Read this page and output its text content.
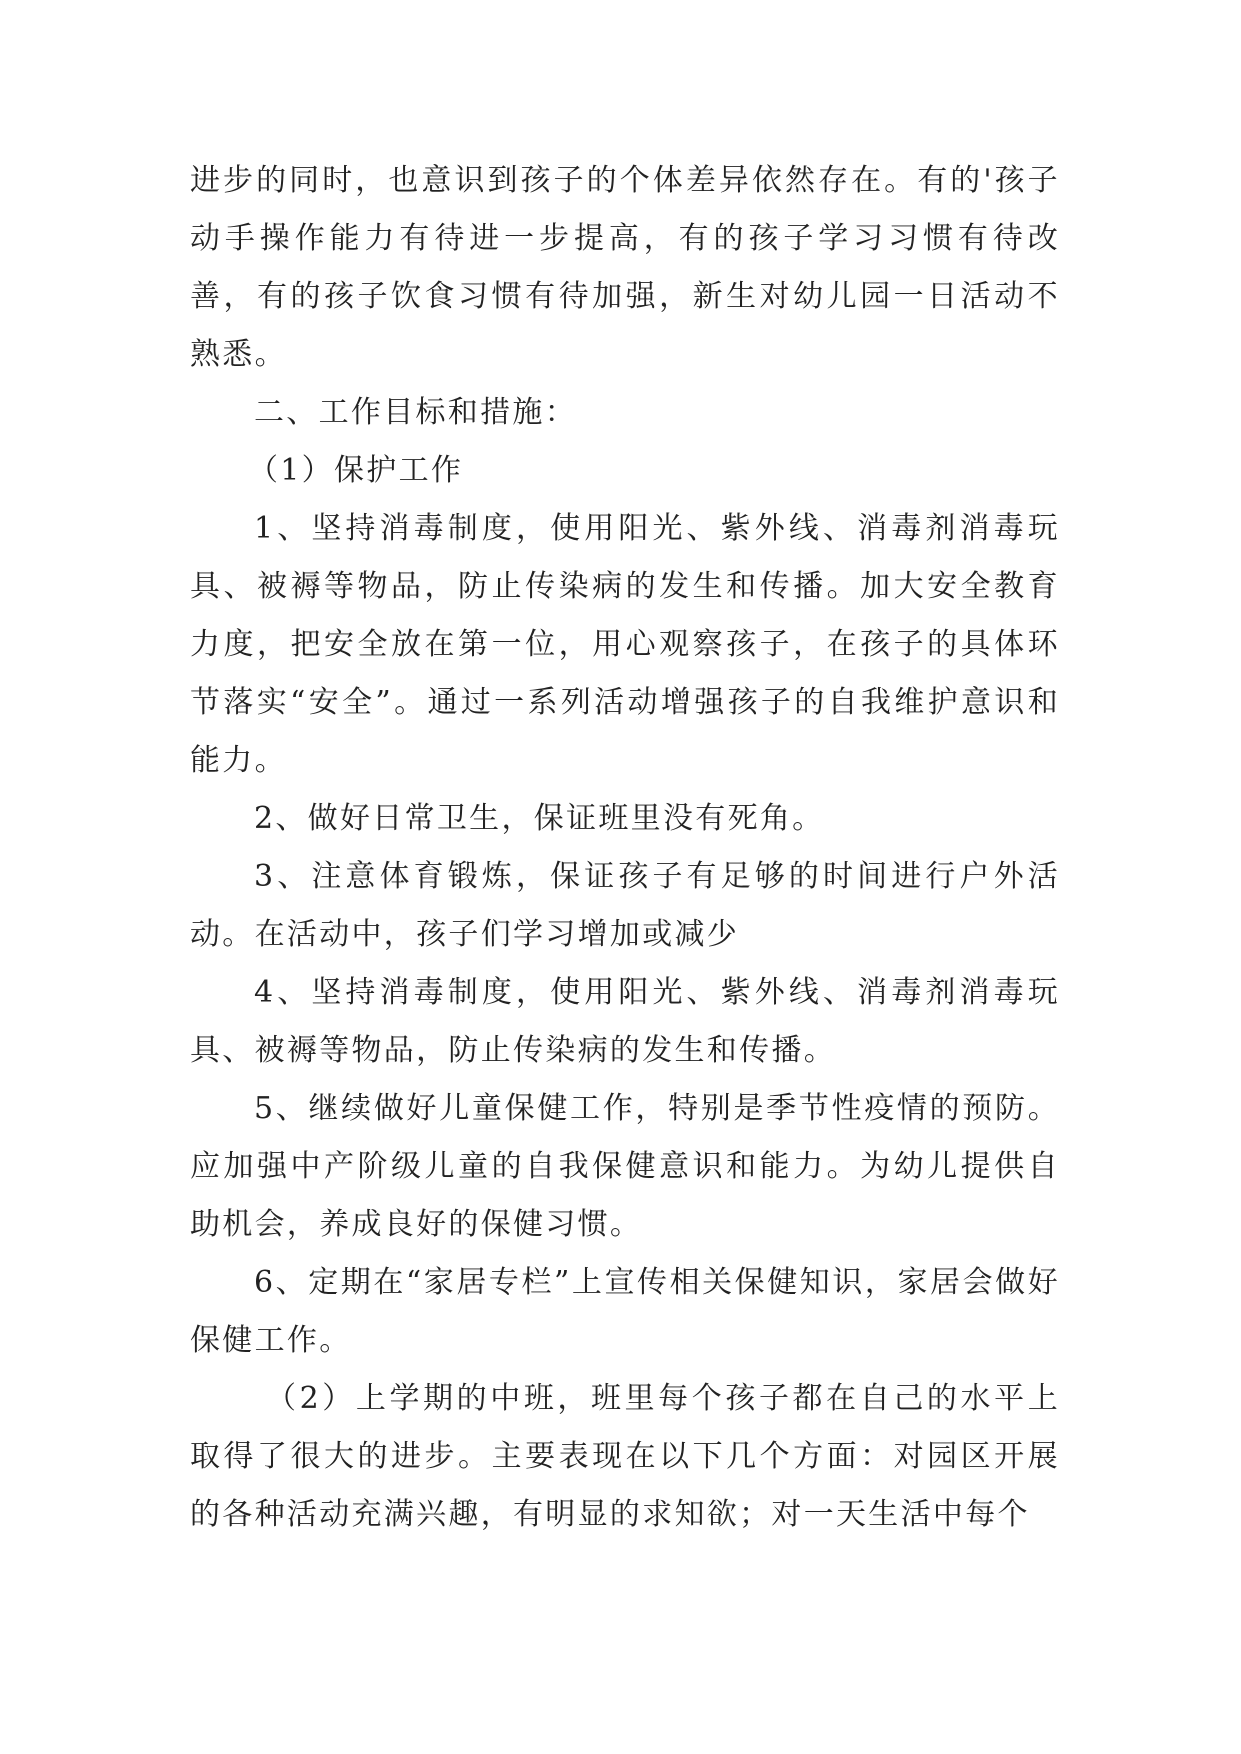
进步的同时，也意识到孩子的个体差异依然存在。有的'孩子动手操作能力有待进一步提高，有的孩子学习习惯有待改善，有的孩子饮食习惯有待加强，新生对幼儿园一日活动不熟悉。

二、工作目标和措施：

（1）保护工作

1、坚持消毒制度，使用阳光、紫外线、消毒剂消毒玩具、被褥等物品，防止传染病的发生和传播。加大安全教育力度，把安全放在第一位，用心观察孩子，在孩子的具体环节落实“安全”。通过一系列活动增强孩子的自我维护意识和能力。

2、做好日常卫生，保证班里没有死角。

3、注意体育锻炼，保证孩子有足够的时间进行户外活动。在活动中，孩子们学习增加或减少

4、坚持消毒制度，使用阳光、紫外线、消毒剂消毒玩具、被褥等物品，防止传染病的发生和传播。

5、继续做好儿童保健工作，特别是季节性疫情的预防。应加强中产阶级儿童的自我保健意识和能力。为幼儿提供自助机会，养成良好的保健习惯。

6、定期在“家居专栏”上宣传相关保健知识，家居会做好保健工作。

（2）上学期的中班，班里每个孩子都在自己的水平上取得了很大的进步。主要表现在以下几个方面：对园区开展的各种活动充满兴趣，有明显的求知欲；对一天生活中每个
